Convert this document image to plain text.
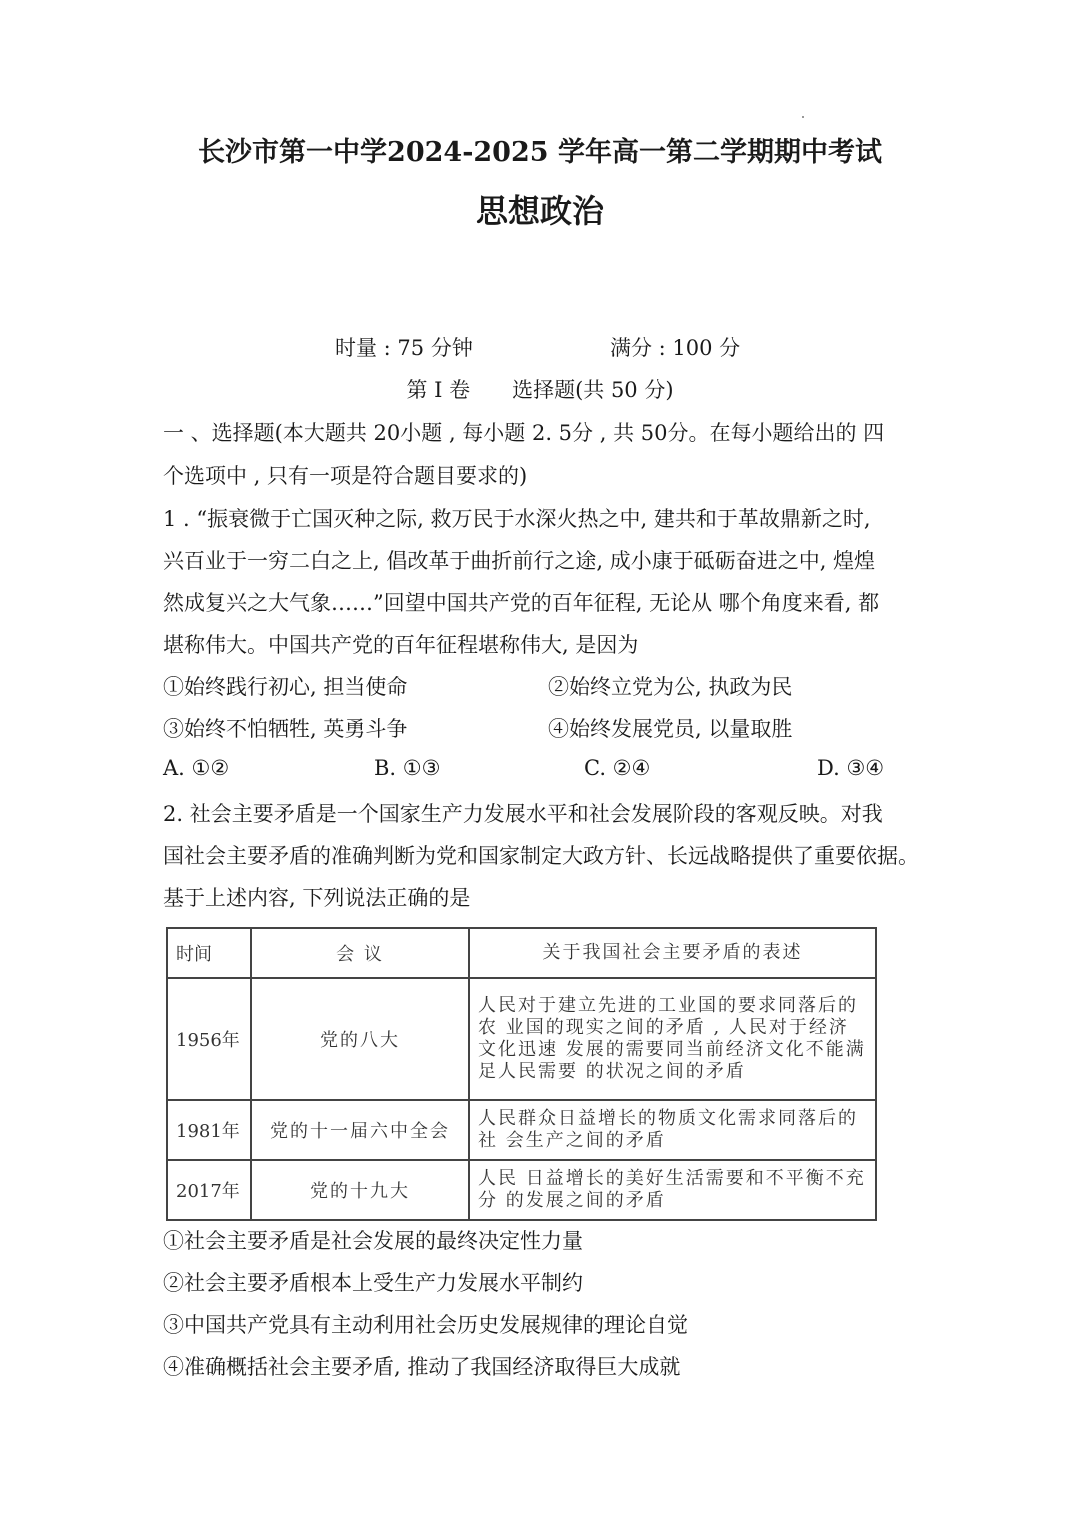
长沙市第一中学2024-2025 学年高一第二学期期中考试
思想政治
时量 : 75 分钟	满分 : 100 分
第 I 卷　　选择题(共 50 分)
一 、选择题(本大题共 20小题 , 每小题 2. 5分 , 共 50分。在每小题给出的 四
个选项中 , 只有一项是符合题目要求的)
1 . “振衰微于亡国灭种之际, 救万民于水深火热之中, 建共和于革故鼎新之时,
兴百业于一穷二白之上, 倡改革于曲折前行之途, 成小康于砥砺奋进之中, 煌煌
然成复兴之大气象……”回望中国共产党的百年征程, 无论从 哪个角度来看, 都
堪称伟大。中国共产党的百年征程堪称伟大, 是因为
①始终践行初心, 担当使命	②始终立党为公, 执政为民
③始终不怕牺牲, 英勇斗争	④始终发展党员, 以量取胜
A. ①②	B. ①③	C. ②④	D. ③④
2. 社会主要矛盾是一个国家生产力发展水平和社会发展阶段的客观反映。对我
国社会主要矛盾的准确判断为党和国家制定大政方针、长远战略提供了重要依据。
基于上述内容, 下列说法正确的是
时间	会 议	关于我国社会主要矛盾的表述
1956年	党的八大	人民对于建立先进的工业国的要求同落后的农 业国的现实之间的矛盾 , 人民对于经济文化迅速 发展的需要同当前经济文化不能满足人民需要 的状况之间的矛盾
1981年	党的十一届六中全会	人民群众日益增长的物质文化需求同落后的社 会生产之间的矛盾
2017年	党的十九大	人民 日益增长的美好生活需要和不平衡不充分 的发展之间的矛盾
①社会主要矛盾是社会发展的最终决定性力量
②社会主要矛盾根本上受生产力发展水平制约
③中国共产党具有主动利用社会历史发展规律的理论自觉
④准确概括社会主要矛盾, 推动了我国经济取得巨大成就
